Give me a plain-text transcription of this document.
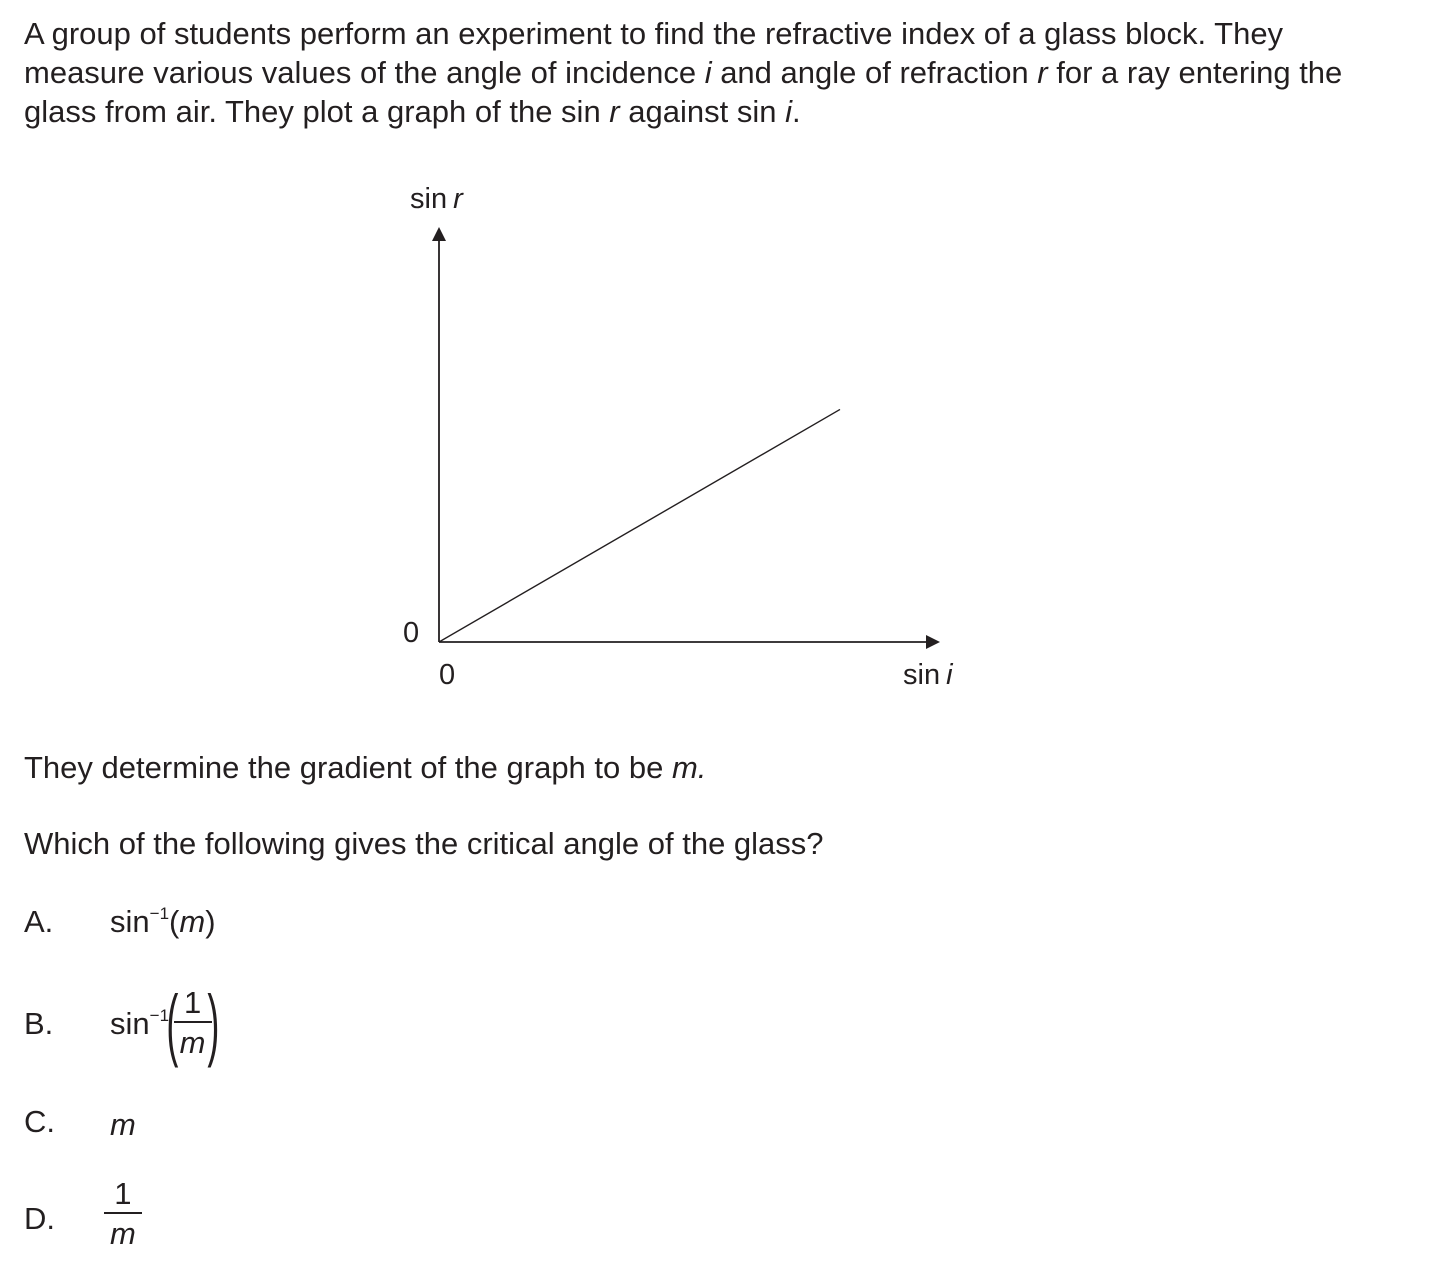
A group of students perform an experiment to find the refractive index of a glass block. They
measure various values of the angle of incidence i and angle of refraction r for a ray entering the
glass from air. They plot a graph of the sin r against sin i.

sin r
sin i
0
0

They determine the gradient of the graph to be m.

Which of the following gives the critical angle of the glass?

A. $\sin^{-1}(m)$
B. $\sin^{-1}$(
$\frac{1}{m}$
)
C. m
D. $\frac{1}{m}$
